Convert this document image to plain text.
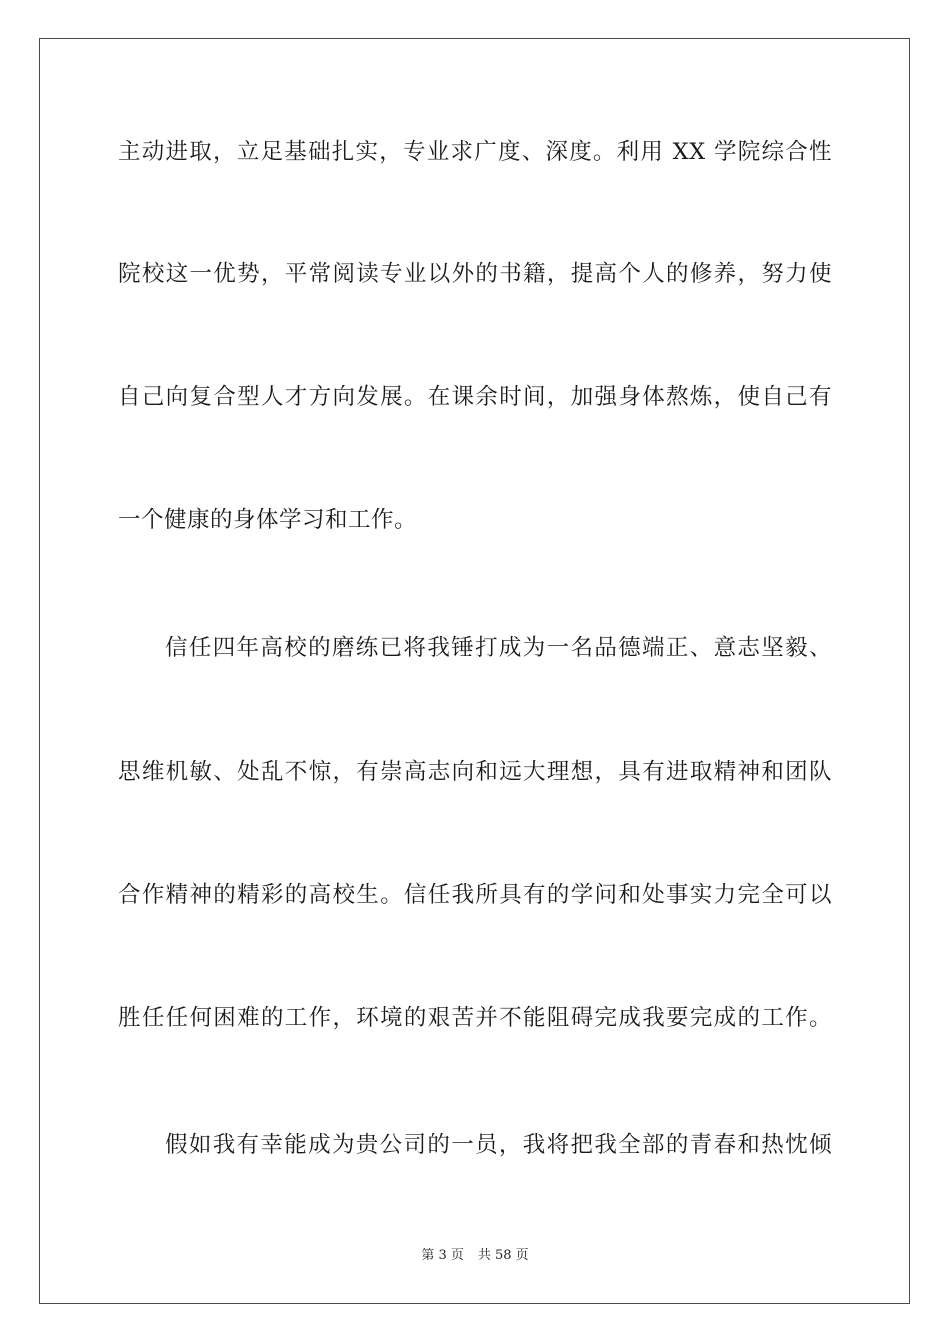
主动进取，立足基础扎实，专业求广度、深度。利用 XX 学院综合性
院校这一优势，平常阅读专业以外的书籍，提高个人的修养，努力使
自己向复合型人才方向发展。在课余时间，加强身体熬炼，使自己有
一个健康的身体学习和工作。
信任四年高校的磨练已将我锤打成为一名品德端正、意志坚毅、
思维机敏、处乱不惊，有崇高志向和远大理想，具有进取精神和团队
合作精神的精彩的高校生。信任我所具有的学问和处事实力完全可以
胜任任何困难的工作，环境的艰苦并不能阻碍完成我要完成的工作。
假如我有幸能成为贵公司的一员，我将把我全部的青春和热忱倾
第 3 页 共 58 页
